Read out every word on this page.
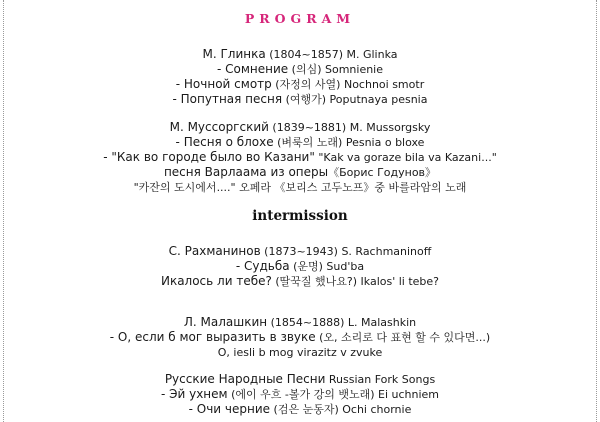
PROGRAM
М. Глинка (1804~1857) M. Glinka
- Сомнение (의심) Somnienie
- Ночной смотр (자정의 사열) Nochnoi smotr
- Попутная песня (여행가) Poputnaya pesnia
М. Муссоргский (1839~1881) M. Mussorgsky
- Песня о блохе (벼룩의 노래) Pesnia o bloxe
- "Как во городе было во Казани" "Kak va goraze bila va Kazani..."
песня Варлаама из оперы《Борис Годунов》
"카잔의 도시에서...." 오페라 《보리스 고두노프》중 바를라암의 노래
intermission
С. Рахманинов (1873~1943) S. Rachmaninoff
- Судьба (운명) Sud'ba
Икалось ли тебе? (딸꾹질 했나요?) Ikalos' li tebe?
Л. Малашкин (1854~1888) L. Malashkin
- О, если б мог выразить в звуке (오, 소리로 다 표현 할 수 있다면...)
O, iesli b mog virazitz v zvuke
Русские Народные Песни Russian Fork Songs
- Эй ухнем (에이 우흐 -볼가 강의 뱃노래) Ei uchniem
- Очи черние (검은 눈동자) Ochi chornie
